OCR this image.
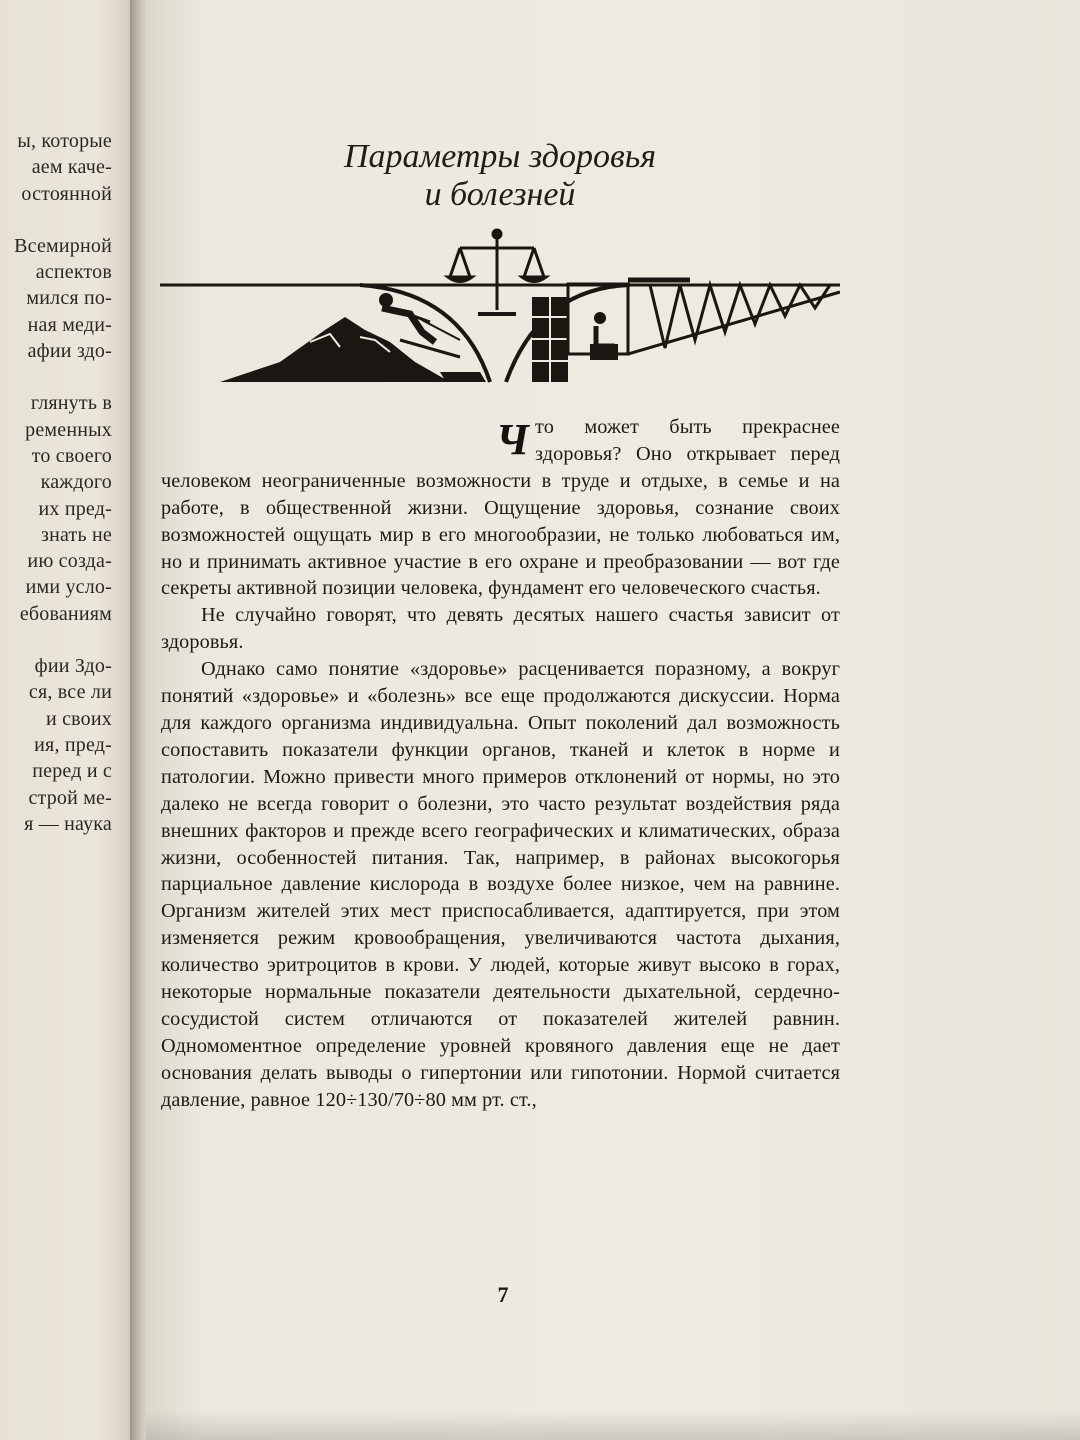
ы, которые
аем каче-
остоянной
Всемирной
аспектов
мился по-
ная меди-
афии здо-
глянуть в
ременных
то своего
каждого
их пред-
знать не
ию созда-
ими усло-
ебованиям
фии Здо-
ся, все ли
и своих
ия, пред-
перед и с
строй ме-
я — наука
Параметры здоровья
и болезней

Что может быть прекраснее здоровья? Оно открывает перед человеком неограниченные возможности в труде и отдыхе, в семье и на работе, в общественной жизни. Ощущение здоровья, сознание своих возможностей ощущать мир в его многообразии, не только любоваться им, но и принимать активное участие в его охране и преобразовании — вот где секреты активной позиции человека, фундамент его человеческого счастья.

Не случайно говорят, что девять десятых нашего счастья зависит от здоровья.

Однако само понятие «здоровье» расценивается поразному, а вокруг понятий «здоровье» и «болезнь» все еще продолжаются дискуссии. Норма для каждого организма индивидуальна. Опыт поколений дал возможность сопоставить показатели функции органов, тканей и клеток в норме и патологии. Можно привести много примеров отклонений от нормы, но это далеко не всегда говорит о болезни, это часто результат воздействия ряда внешних факторов и прежде всего географических и климатических, образа жизни, особенностей питания. Так, например, в районах высокогорья парциальное давление кислорода в воздухе более низкое, чем на равнине. Организм жителей этих мест приспосабливается, адаптируется, при этом изменяется режим кровообращения, увеличиваются частота дыхания, количество эритроцитов в крови. У людей, которые живут высоко в горах, некоторые нормальные показатели деятельности дыхательной, сердечно-сосудистой систем отличаются от показателей жителей равнин. Одномоментное определение уровней кровяного давления еще не дает основания делать выводы о гипертонии или гипотонии. Нормой считается давление, равное 120÷130/70÷80 мм рт. ст.,

7
